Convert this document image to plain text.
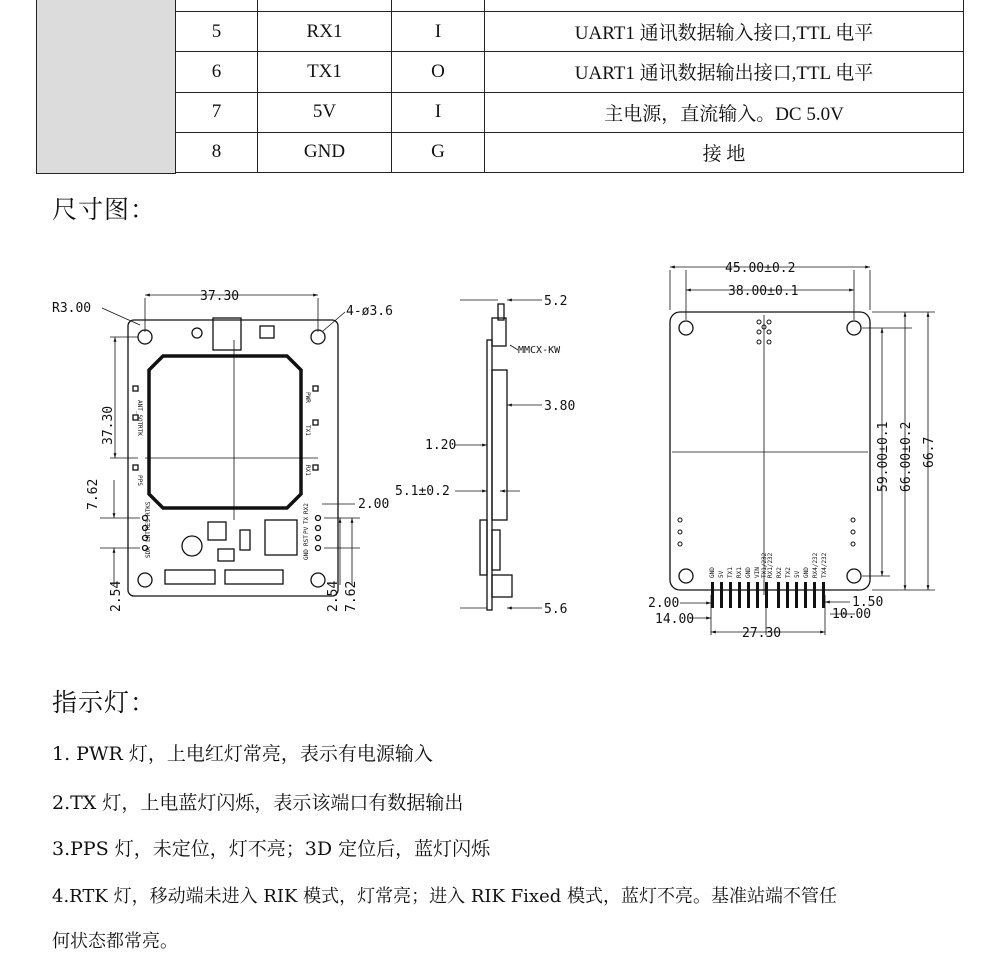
5	RX1	I	UART1 通讯数据输入接口,TTL 电平
6	TX1	O	UART1 通讯数据输出接口,TTL 电平
7	5V	I	主电源，直流输入。DC 5.0V
8	GND	G	接 地
尺寸图：
37.30
R3.00	4-ø3.6
37.30
7.62	2.00
2.54	2.54 7.62
ANT_SOT
RTK
PPS
PWR
TX1
RX1
SDA
LNT
RES
RTKS
GND
RST
PV
TX
RX2
5.2
MMCX-KW
3.80
1.20
5.1±0.2
5.6
45.00±0.2
38.00±0.1
59.00±0.1 66.00±0.2 66.7
2.00
14.00
27.30
1.50
10.00
GND 5V TX1 RX1 GND VIN TX1/232 RX1/232 RX2 TX2 5V GND RX4/232 TX4/232
指示灯：
1. PWR 灯，上电红灯常亮，表示有电源输入
2.TX 灯，上电蓝灯闪烁，表示该端口有数据输出
3.PPS 灯，未定位，灯不亮；3D 定位后，蓝灯闪烁
4.RTK 灯，移动端未进入 RIK 模式，灯常亮；进入 RIK Fixed 模式，蓝灯不亮。基准站端不管任
何状态都常亮。
